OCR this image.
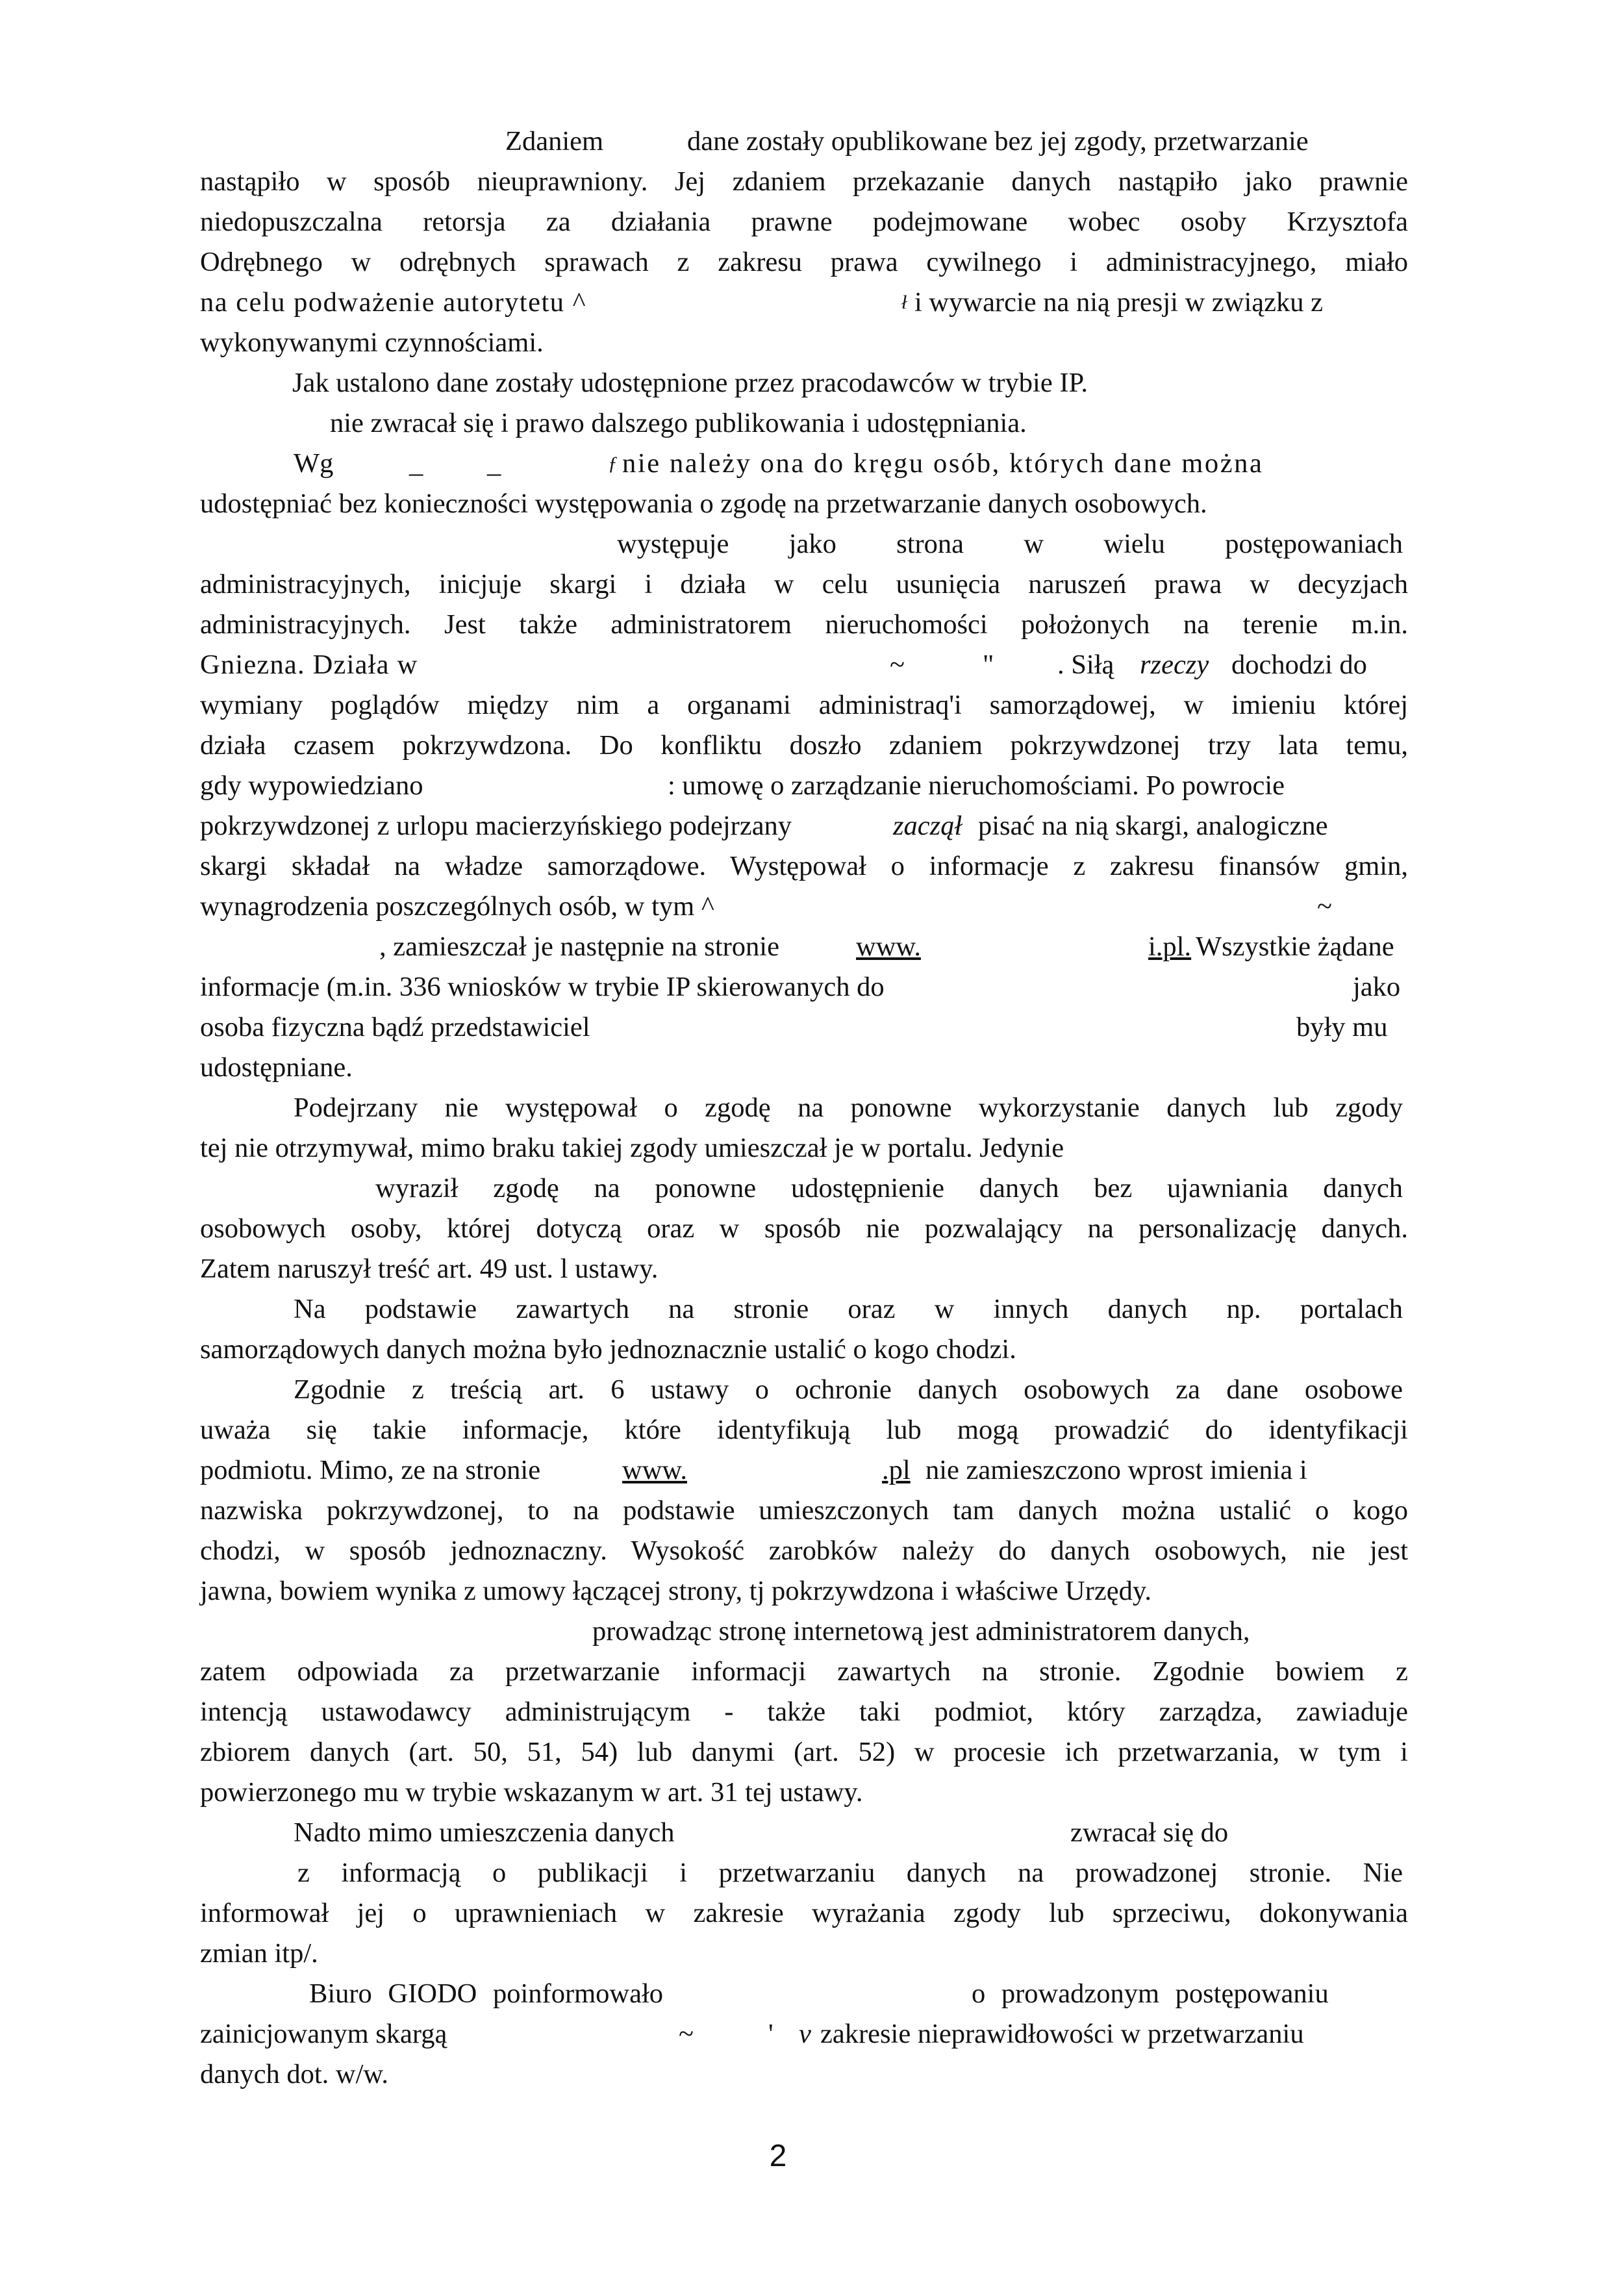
Zdaniem

	dane zostały opublikowane bez jej zgody, przetwarzanie

nastąpiło w sposób nieuprawniony. Jej zdaniem przekazanie danych nastąpiło jako prawnie
niedopuszczalna retorsja za działania prawne podejmowane wobec osoby Krzysztofa
Odrębnego w odrębnych sprawach z zakresu prawa cywilnego i administracyjnego, miało

na celu podważenie autorytetu ^

	ł

i wywarcie na nią presji w związku z

wykonywanymi czynnościami.
Jak ustalono dane zostały udostępnione przez pracodawców w trybie IP.
nie zwracał się i prawo dalszego publikowania i udostępniania.

Wg

	_

_

	ƒ

nie należy ona do kręgu osób, których dane można

udostępniać bez konieczności występowania o zgodę na przetwarzanie danych osobowych.
występuje jako strona w wielu postępowaniach
administracyjnych, inicjuje skargi i działa w celu usunięcia naruszeń prawa w decyzjach
administracyjnych. Jest także administratorem nieruchomości położonych na terenie m.in.

Gniezna. Działa w

	~

	"

. Siłą

rzeczy

dochodzi do

wymiany poglądów między nim a organami administraq'i samorządowej, w imieniu której
działa czasem pokrzywdzona. Do konfliktu doszło zdaniem pokrzywdzonej trzy lata temu,

gdy wypowiedziano

	: umowę o zarządzanie nieruchomościami. Po powrocie

pokrzywdzonej z urlopu macierzyńskiego podejrzany

	zaczął

pisać na nią skargi, analogiczne

skargi składał na władze samorządowe. Występował o informacje z zakresu finansów gmin,

wynagrodzenia poszczególnych osób, w tym ^

	~

, zamieszczał je następnie na stronie

	www.

	i.pl.

Wszystkie żądane

informacje (m.in. 336 wniosków w trybie IP skierowanych do

	jako

osoba fizyczna bądź przedstawiciel

	były mu

udostępniane.
Podejrzany nie występował o zgodę na ponowne wykorzystanie danych lub zgody
tej nie otrzymywał, mimo braku takiej zgody umieszczał je w portalu. Jedynie
wyraził zgodę na ponowne udostępnienie danych bez ujawniania danych
osobowych osoby, której dotyczą oraz w sposób nie pozwalający na personalizację danych.
Zatem naruszył treść art. 49 ust. l ustawy.
Na podstawie zawartych na stronie oraz w innych danych np. portalach
samorządowych danych można było jednoznacznie ustalić o kogo chodzi.
Zgodnie z treścią art. 6 ustawy o ochronie danych osobowych za dane osobowe
uważa się takie informacje, które identyfikują lub mogą prowadzić do identyfikacji

podmiotu. Mimo, ze na stronie

	www.

	.pl

nie zamieszczono wprost imienia i

nazwiska pokrzywdzonej, to na podstawie umieszczonych tam danych można ustalić o kogo
chodzi, w sposób jednoznaczny. Wysokość zarobków należy do danych osobowych, nie jest
jawna, bowiem wynika z umowy łączącej strony, tj pokrzywdzona i właściwe Urzędy.
prowadząc stronę internetową jest administratorem danych,
zatem odpowiada za przetwarzanie informacji zawartych na stronie. Zgodnie bowiem z
intencją ustawodawcy administrującym - także taki podmiot, który zarządza, zawiaduje
zbiorem danych (art. 50, 51, 54) lub danymi (art. 52) w procesie ich przetwarzania, w tym i
powierzonego mu w trybie wskazanym w art. 31 tej ustawy.

Nadto mimo umieszczenia danych

	zwracał się do

z informacją o publikacji i przetwarzaniu danych na prowadzonej stronie. Nie
informował jej o uprawnieniach w zakresie wyrażania zgody lub sprzeciwu, dokonywania
zmian itp/.

Biuro GIODO poinformowało

	o prowadzonym postępowaniu

zainicjowanym skargą

	~

	'

v

zakresie nieprawidłowości w przetwarzaniu

danych dot. w/w.
2
